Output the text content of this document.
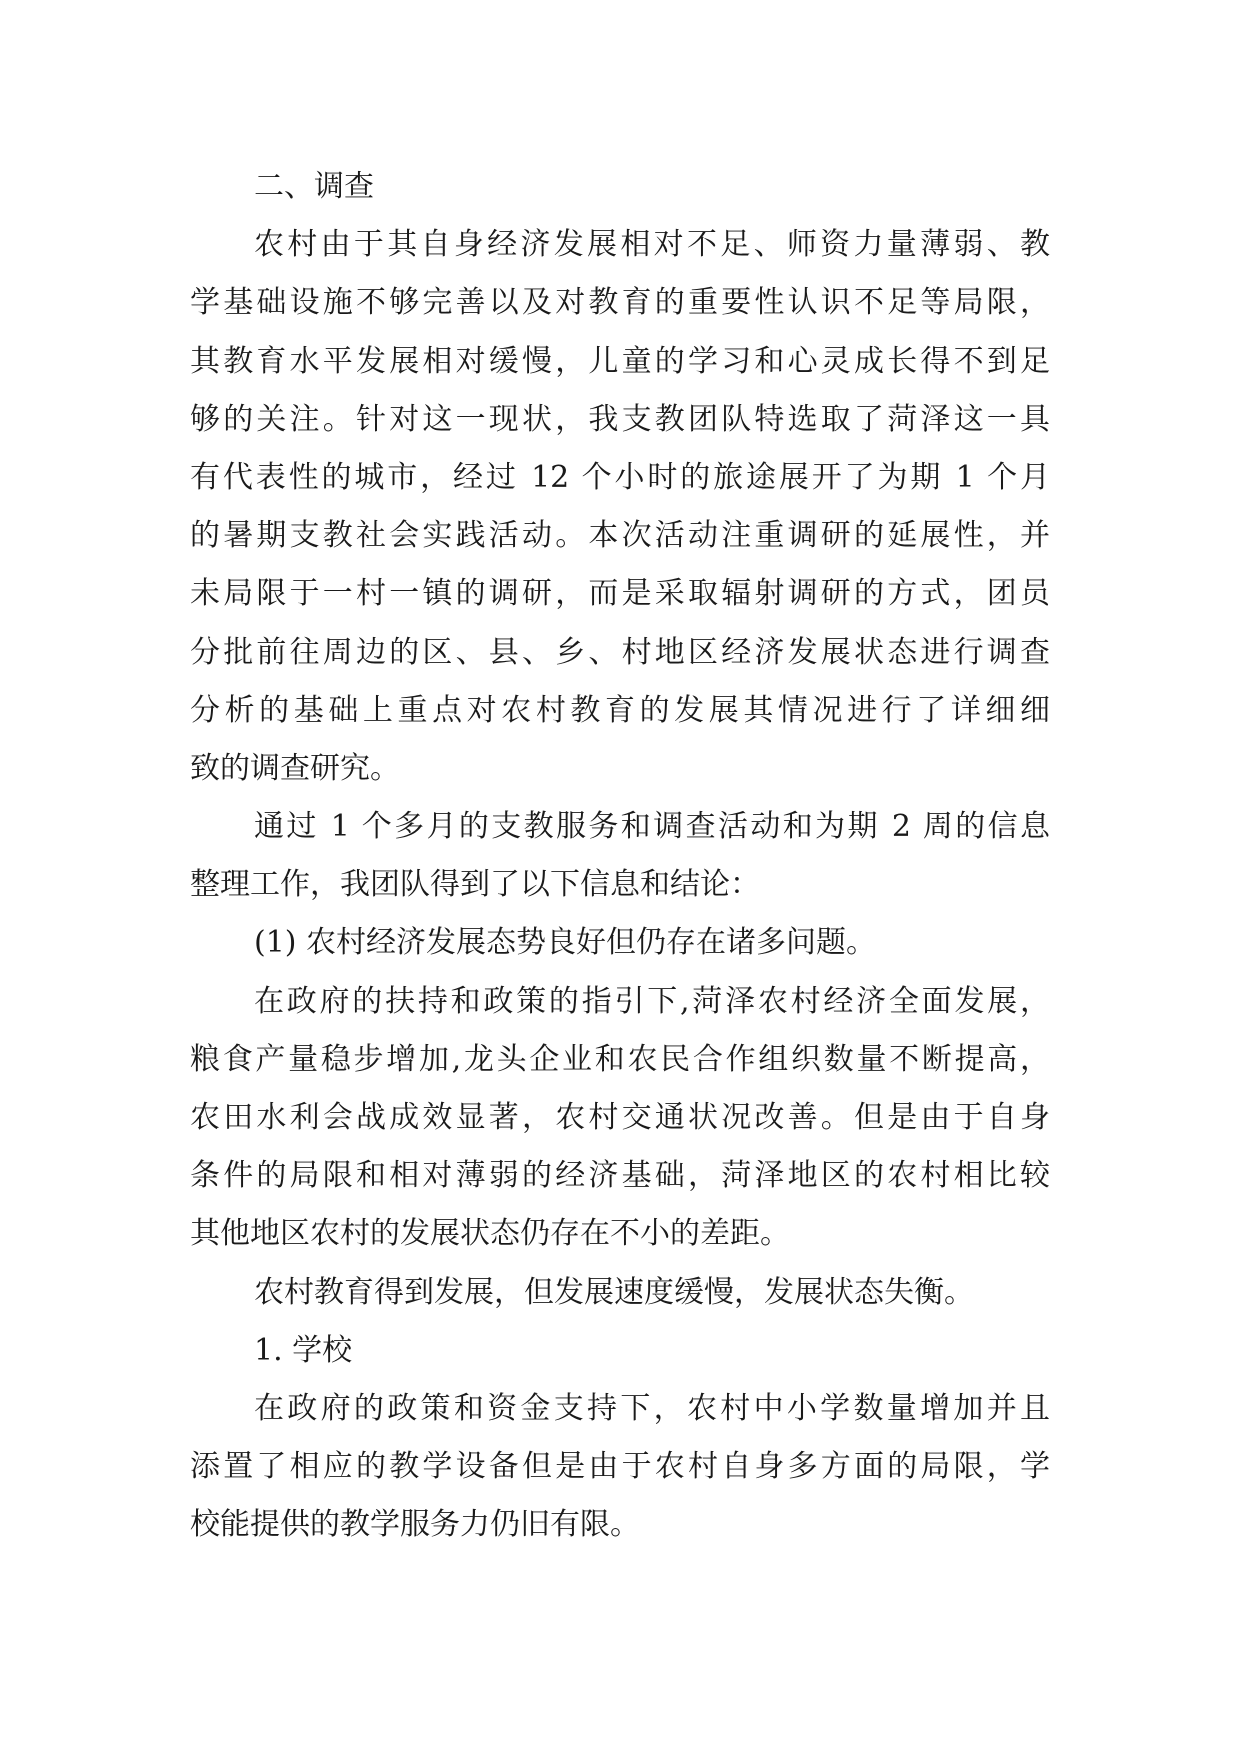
二、调查
农村由于其自身经济发展相对不足、师资力量薄弱、教
学基础设施不够完善以及对教育的重要性认识不足等局限，
其教育水平发展相对缓慢，儿童的学习和心灵成长得不到足
够的关注。针对这一现状，我支教团队特选取了菏泽这一具
有代表性的城市，经过 12 个小时的旅途展开了为期 1 个月
的暑期支教社会实践活动。本次活动注重调研的延展性，并
未局限于一村一镇的调研，而是采取辐射调研的方式，团员
分批前往周边的区、县、乡、村地区经济发展状态进行调查
分析的基础上重点对农村教育的发展其情况进行了详细细
致的调查研究。
通过 1 个多月的支教服务和调查活动和为期 2 周的信息
整理工作，我团队得到了以下信息和结论：
(1) 农村经济发展态势良好但仍存在诸多问题。
在政府的扶持和政策的指引下,菏泽农村经济全面发展，
粮食产量稳步增加,龙头企业和农民合作组织数量不断提高，
农田水利会战成效显著，农村交通状况改善。但是由于自身
条件的局限和相对薄弱的经济基础，菏泽地区的农村相比较
其他地区农村的发展状态仍存在不小的差距。
农村教育得到发展，但发展速度缓慢，发展状态失衡。
1. 学校
在政府的政策和资金支持下，农村中小学数量增加并且
添置了相应的教学设备但是由于农村自身多方面的局限，学
校能提供的教学服务力仍旧有限。
